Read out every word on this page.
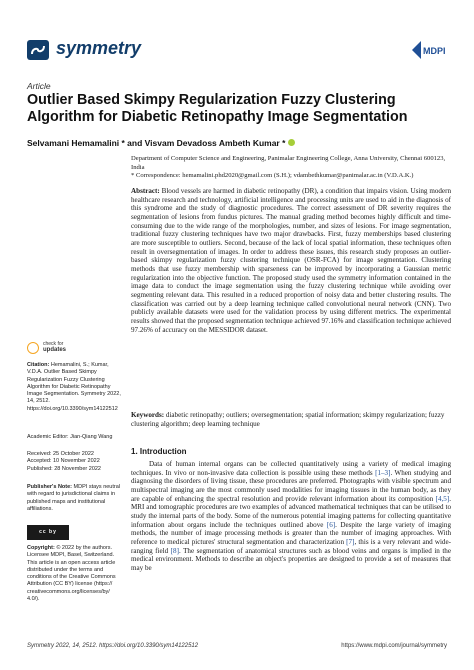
symmetry	MDPI
Article
Outlier Based Skimpy Regularization Fuzzy Clustering Algorithm for Diabetic Retinopathy Image Segmentation
Selvamani Hemamalini * and Visvam Devadoss Ambeth Kumar *
Department of Computer Science and Engineering, Panimalar Engineering College, Anna University, Chennai 600123, India
* Correspondence: hemamalini.phd2020@gmail.com (S.H.); vdambethkumar@panimalar.ac.in (V.D.A.K.)
Abstract: Blood vessels are harmed in diabetic retinopathy (DR), a condition that impairs vision. Using modern healthcare research and technology, artificial intelligence and processing units are used to aid in the diagnosis of this syndrome and the study of diagnostic procedures. The correct assessment of DR severity requires the segmentation of lesions from fundus pictures. The manual grading method becomes highly difficult and time-consuming due to the wide range of the morphologies, number, and sizes of lesions. For image segmentation, traditional fuzzy clustering techniques have two major drawbacks. First, fuzzy memberships based clustering are more susceptible to outliers. Second, because of the lack of local spatial information, these techniques often result in oversegmentation of images. In order to address these issues, this research study proposes an outlier-based skimpy regularization fuzzy clustering technique (OSR-FCA) for image segmentation. Clustering methods that use fuzzy membership with sparseness can be improved by incorporating a Gaussian metric regularization into the objective function. The proposed study used the symmetry information contained in the image data to conduct the image segmentation using the fuzzy clustering technique while avoiding over segmenting relevant data. This resulted in a reduced proportion of noisy data and better clustering results. The classification was carried out by a deep learning technique called convolutional neural network (CNN). Two publicly available datasets were used for the validation process by using different metrics. The experimental results showed that the proposed segmentation technique achieved 97.16% and classification technique achieved 97.26% of accuracy on the MESSIDOR dataset.
Keywords: diabetic retinopathy; outliers; oversegmentation; spatial information; skimpy regularization; fuzzy clustering algorithm; deep learning technique
1. Introduction
Data of human internal organs can be collected quantitatively using a variety of medical imaging techniques. In vivo or non-invasive data collection is possible using these methods [1–3]. When studying and diagnosing the disorders of living tissue, these procedures are preferred. Photographs with visible spectrum and multispectral imaging are the most commonly used modalities for imaging tissues in the human body, as they are capable of enhancing the spectral resolution and provide relevant information about its composition [4,5]. MRI and tomographic procedures are two examples of advanced mathematical techniques that can be utilised to study the internal parts of the body. Some of the numerous potential imaging patterns for collecting quantitative information about organs include the techniques outlined above [6]. Despite the large variety of imaging methods, the number of image processing methods is greater than the number of imaging approaches. With reference to medical pictures' structural segmentation and characterization [7], this is a very relevant and wide-ranging field [8]. The segmentation of anatomical structures such as blood veins and organs is implied in the medical environment. Methods to describe an object's properties are designed to provide a set of measures that may be
check for
updates
Citation: Hemamalini, S.; Kumar, V.D.A. Outlier Based Skimpy Regularization Fuzzy Clustering Algorithm for Diabetic Retinopathy Image Segmentation. Symmetry 2022, 14, 2512. https://doi.org/10.3390/sym14122512
Academic Editor: Jian-Qiang Wang
Received: 25 October 2022
Accepted: 10 November 2022
Published: 28 November 2022
Publisher's Note: MDPI stays neutral with regard to jurisdictional claims in published maps and institutional affiliations.
cc by
Copyright: © 2022 by the authors. Licensee MDPI, Basel, Switzerland. This article is an open access article distributed under the terms and conditions of the Creative Commons Attribution (CC BY) license (https:// creativecommons.org/licenses/by/ 4.0/).
Symmetry 2022, 14, 2512. https://doi.org/10.3390/sym14122512	https://www.mdpi.com/journal/symmetry
